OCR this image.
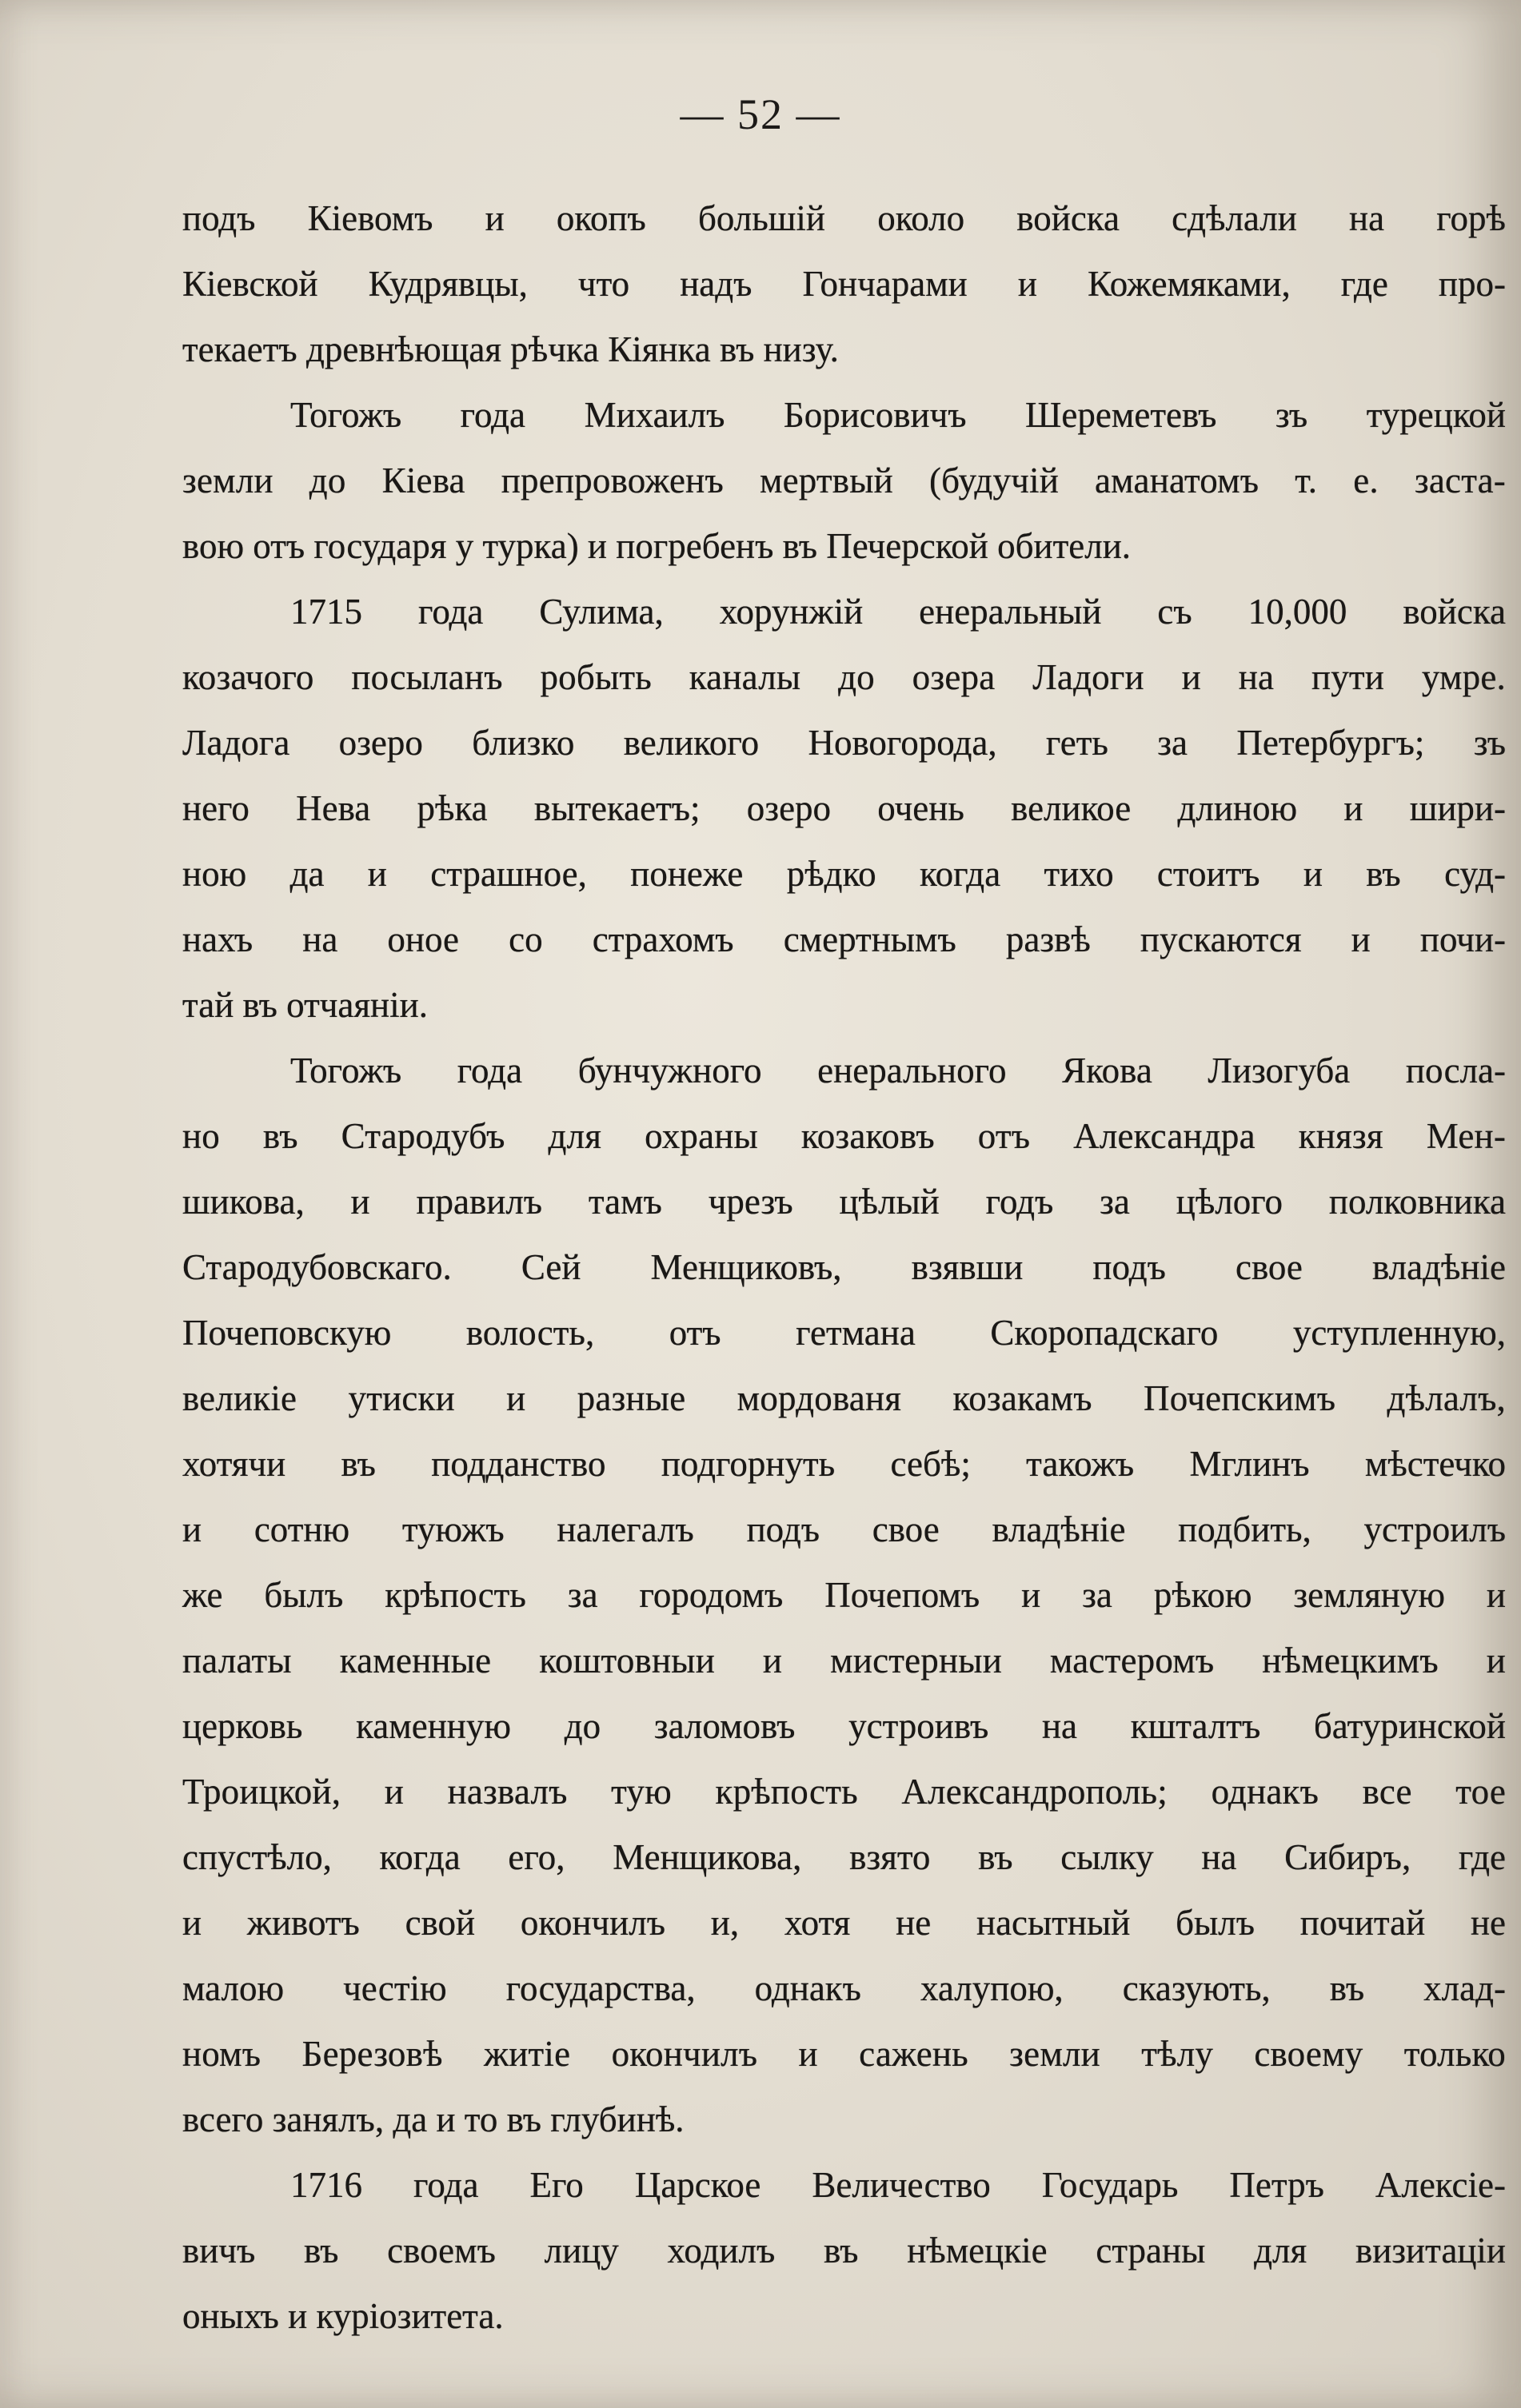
— 52 —
подъ Кіевомъ и окопъ большій около войска сдѣлали на горѣ
Кіевской Кудрявцы, что надъ Гончарами и Кожемяками, где про-
текаетъ древнѣющая рѣчка Кіянка въ низу.
Тогожъ года Михаилъ Борисовичъ Шереметевъ зъ турецкой
земли до Кіева препровоженъ мертвый (будучій аманатомъ т. е. заста-
вою отъ государя у турка) и погребенъ въ Печерской обители.
1715 года Сулима, хорунжій енеральный съ 10,000 войска
козачого посыланъ робыть каналы до озера Ладоги и на пути умре.
Ладога озеро близко великого Новогорода, геть за Петербургъ; зъ
него Нева рѣка вытекаетъ; озеро очень великое длиною и шири-
ною да и страшное, понеже рѣдко когда тихо стоитъ и въ суд-
нахъ на оное со страхомъ смертнымъ развѣ пускаются и почи-
тай въ отчаяніи.
Тогожъ года бунчужного енерального Якова Лизогуба посла-
но въ Стародубъ для охраны козаковъ отъ Александра князя Мен-
шикова, и правилъ тамъ чрезъ цѣлый годъ за цѣлого полковника
Стародубовскаго. Сей Менщиковъ, взявши подъ свое владѣніе
Почеповскую волость, отъ гетмана Скоропадскаго уступленную,
великіе утиски и разные мордованя козакамъ Почепскимъ дѣлалъ,
хотячи въ подданство подгорнуть себѣ; такожъ Мглинъ мѣстечко
и сотню туюжъ налегалъ подъ свое владѣніе подбить, устроилъ
же былъ крѣпость за городомъ Почепомъ и за рѣкою земляную и
палаты каменные коштовныи и мистерныи мастеромъ нѣмецкимъ и
церковь каменную до заломовъ устроивъ на кшталтъ батуринской
Троицкой, и назвалъ тую крѣпость Александрополь; однакъ все тое
спустѣло, когда его, Менщикова, взято въ сылку на Сибиръ, где
и животъ свой окончилъ и, хотя не насытный былъ почитай не
малою честію государства, однакъ халупою, сказують, въ хлад-
номъ Березовѣ житіе окончилъ и сажень земли тѣлу своему только
всего занялъ, да и то въ глубинѣ.
1716 года Его Царское Величество Государь Петръ Алексіе-
вичъ въ своемъ лицу ходилъ въ нѣмецкіе страны для визитаціи
оныхъ и куріозитета.
